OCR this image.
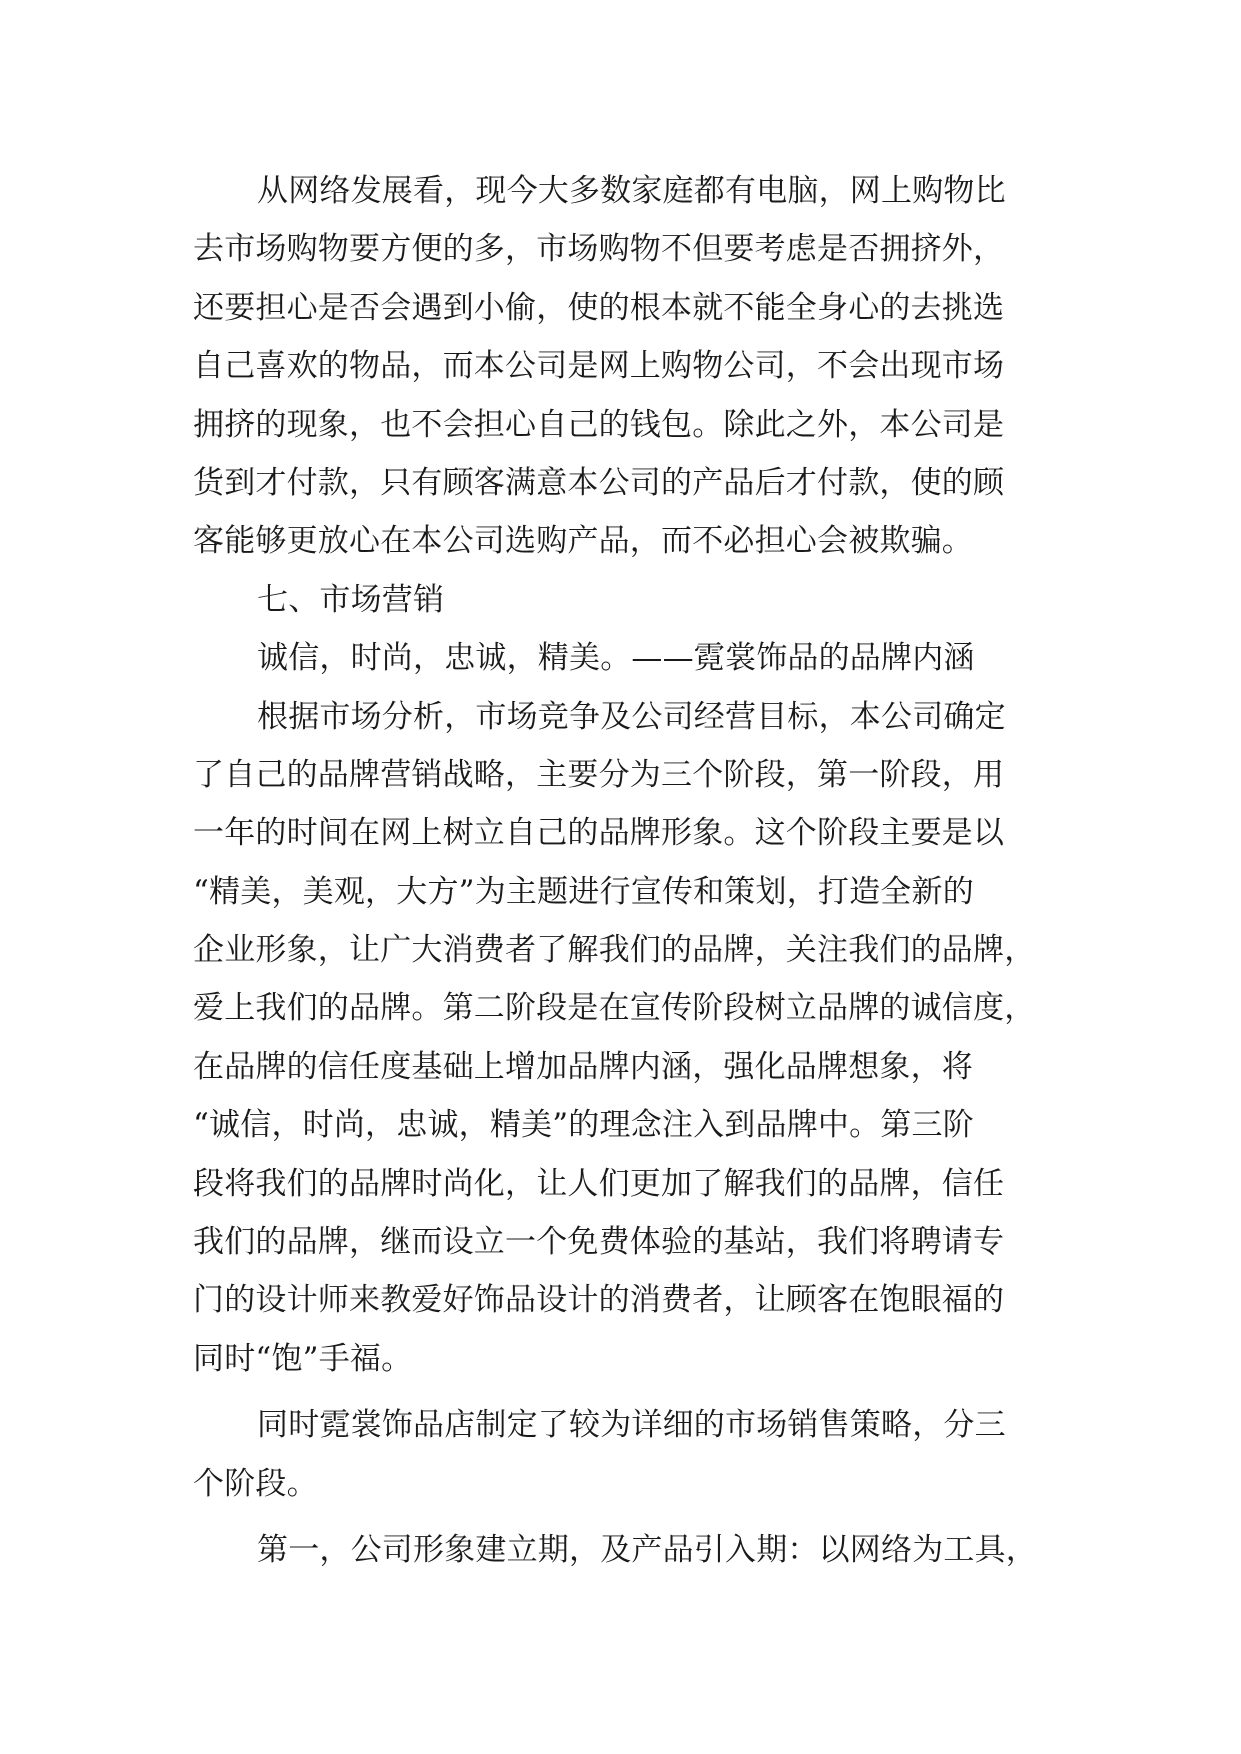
从网络发展看，现今大多数家庭都有电脑，网上购物比
去市场购物要方便的多，市场购物不但要考虑是否拥挤外，
还要担心是否会遇到小偷，使的根本就不能全身心的去挑选
自己喜欢的物品，而本公司是网上购物公司，不会出现市场
拥挤的现象，也不会担心自己的钱包。除此之外，本公司是
货到才付款，只有顾客满意本公司的产品后才付款，使的顾
客能够更放心在本公司选购产品，而不必担心会被欺骗。
七、市场营销
诚信，时尚，忠诚，精美。——霓裳饰品的品牌内涵
根据市场分析，市场竞争及公司经营目标，本公司确定
了自己的品牌营销战略，主要分为三个阶段，第一阶段，用
一年的时间在网上树立自己的品牌形象。这个阶段主要是以
“精美，美观，大方”为主题进行宣传和策划，打造全新的
企业形象，让广大消费者了解我们的品牌，关注我们的品牌，
爱上我们的品牌。第二阶段是在宣传阶段树立品牌的诚信度，
在品牌的信任度基础上增加品牌内涵，强化品牌想象，将
“诚信，时尚，忠诚，精美”的理念注入到品牌中。第三阶
段将我们的品牌时尚化，让人们更加了解我们的品牌，信任
我们的品牌，继而设立一个免费体验的基站，我们将聘请专
门的设计师来教爱好饰品设计的消费者，让顾客在饱眼福的
同时“饱”手福。
同时霓裳饰品店制定了较为详细的市场销售策略，分三
个阶段。
第一，公司形象建立期，及产品引入期：以网络为工具，
